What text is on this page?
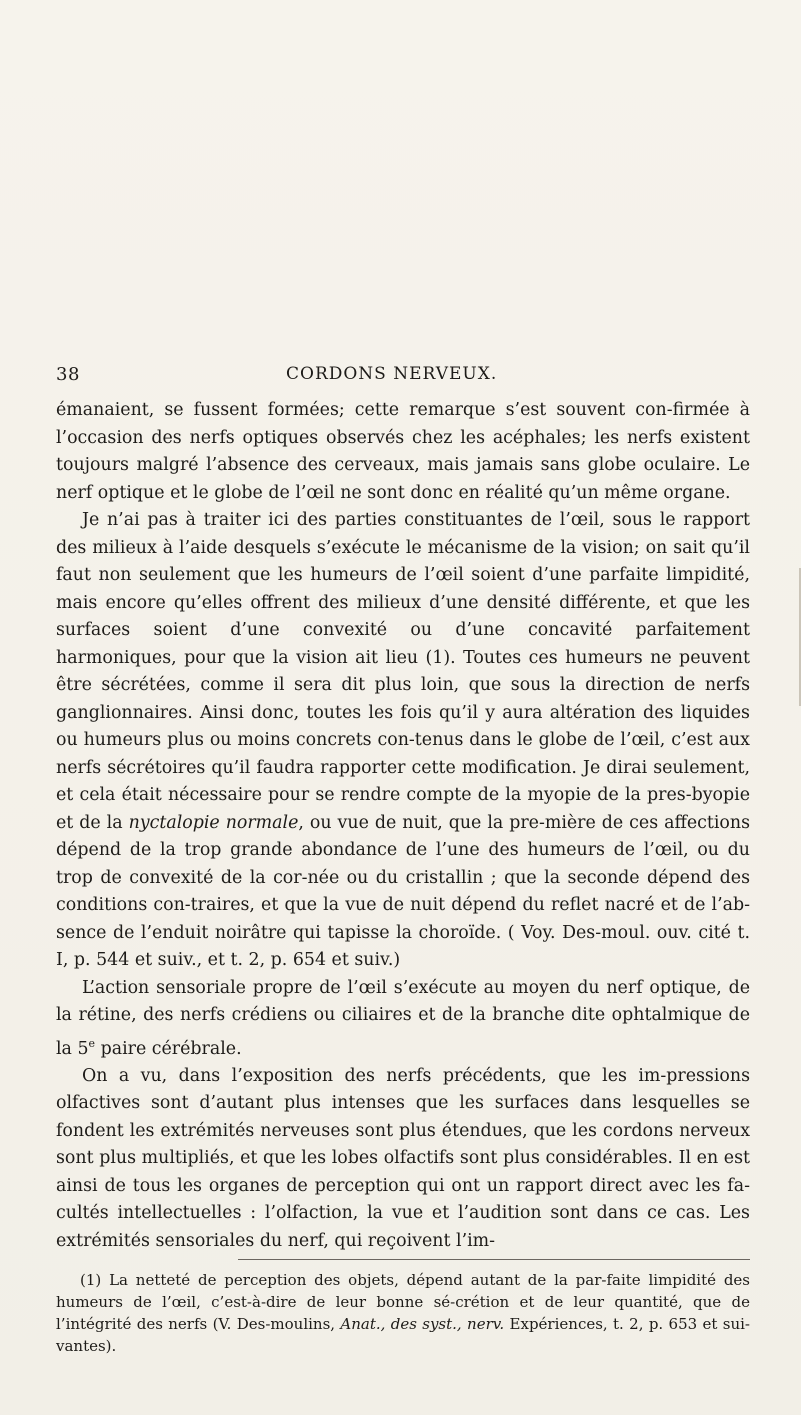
38	CORDONS NERVEUX.

émanaient, se fussent formées; cette remarque s’est souvent con-firmée à l’occasion des nerfs optiques observés chez les acéphales; les nerfs existent toujours malgré l’absence des cerveaux, mais jamais sans globe oculaire. Le nerf optique et le globe de l’œil ne sont donc en réalité qu’un même organe.

Je n’ai pas à traiter ici des parties constituantes de l’œil, sous le rapport des milieux à l’aide desquels s’exécute le mécanisme de la vision; on sait qu’il faut non seulement que les humeurs de l’œil soient d’une parfaite limpidité, mais encore qu’elles offrent des milieux d’une densité différente, et que les surfaces soient d’une convexité ou d’une concavité parfaitement harmoniques, pour que la vision ait lieu (1). Toutes ces humeurs ne peuvent être sécrétées, comme il sera dit plus loin, que sous la direction de nerfs ganglionnaires. Ainsi donc, toutes les fois qu’il y aura altération des liquides ou humeurs plus ou moins concrets con-tenus dans le globe de l’œil, c’est aux nerfs sécrétoires qu’il faudra rapporter cette modification. Je dirai seulement, et cela était nécessaire pour se rendre compte de la myopie de la pres-byopie et de la nyctalopie normale, ou vue de nuit, que la pre-mière de ces affections dépend de la trop grande abondance de l’une des humeurs de l’œil, ou du trop de convexité de la cor-née ou du cristallin ; que la seconde dépend des conditions con-traires, et que la vue de nuit dépend du reflet nacré et de l’ab-sence de l’enduit noirâtre qui tapisse la choroïde. ( Voy. Des-moul. ouv. cité t. I, p. 544 et suiv., et t. 2, p. 654 et suiv.)

L’action sensoriale propre de l’œil s’exécute au moyen du nerf optique, de la rétine, des nerfs crédiens ou ciliaires et de la branche dite ophtalmique de la 5e paire cérébrale.

On a vu, dans l’exposition des nerfs précédents, que les im-pressions olfactives sont d’autant plus intenses que les surfaces dans lesquelles se fondent les extrémités nerveuses sont plus étendues, que les cordons nerveux sont plus multipliés, et que les lobes olfactifs sont plus considérables. Il en est ainsi de tous les organes de perception qui ont un rapport direct avec les fa-cultés intellectuelles : l’olfaction, la vue et l’audition sont dans ce cas. Les extrémités sensoriales du nerf, qui reçoivent l’im-

(1) La netteté de perception des objets, dépend autant de la par-faite limpidité des humeurs de l’œil, c’est-à-dire de leur bonne sé-crétion et de leur quantité, que de l’intégrité des nerfs (V. Des-moulins, Anat., des syst., nerv. Expériences, t. 2, p. 653 et sui-vantes).
